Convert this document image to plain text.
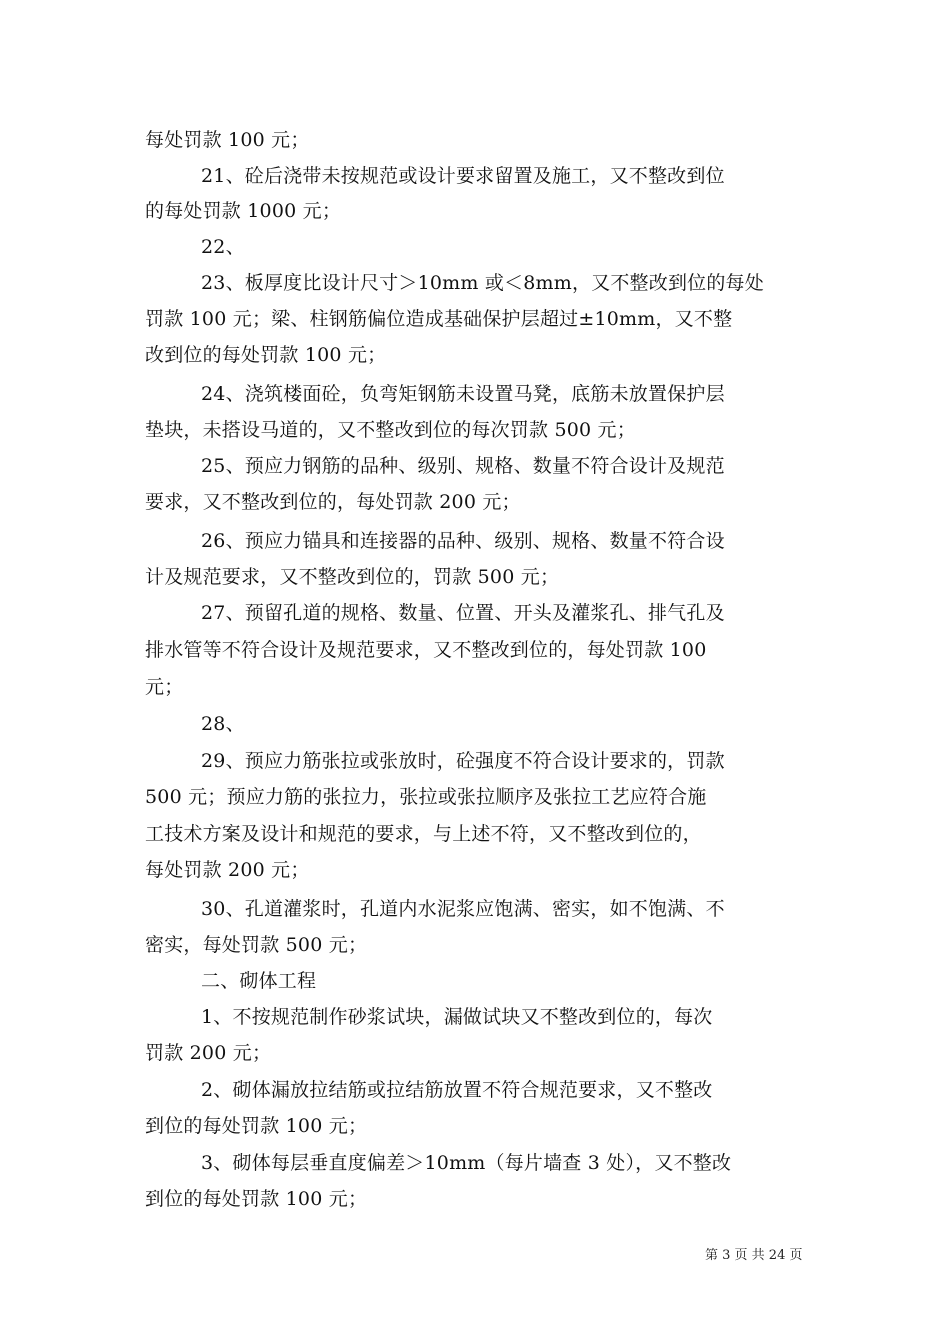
每处罚款 100 元；
21、砼后浇带未按规范或设计要求留置及施工，又不整改到位
的每处罚款 1000 元；
22、
23、板厚度比设计尺寸＞10mm 或＜8mm，又不整改到位的每处
罚款 100 元；梁、柱钢筋偏位造成基础保护层超过±10mm，又不整
改到位的每处罚款 100 元；
24、浇筑楼面砼，负弯矩钢筋未设置马凳，底筋未放置保护层
垫块，未搭设马道的，又不整改到位的每次罚款 500 元；
25、预应力钢筋的品种、级别、规格、数量不符合设计及规范
要求，又不整改到位的，每处罚款 200 元；
26、预应力锚具和连接器的品种、级别、规格、数量不符合设
计及规范要求，又不整改到位的，罚款 500 元；
27、预留孔道的规格、数量、位置、开头及灌浆孔、排气孔及
排水管等不符合设计及规范要求，又不整改到位的，每处罚款 100
元；
28、
29、预应力筋张拉或张放时，砼强度不符合设计要求的，罚款
500 元；预应力筋的张拉力，张拉或张拉顺序及张拉工艺应符合施
工技术方案及设计和规范的要求，与上述不符，又不整改到位的，
每处罚款 200 元；
30、孔道灌浆时，孔道内水泥浆应饱满、密实，如不饱满、不
密实，每处罚款 500 元；
二、砌体工程
1、不按规范制作砂浆试块，漏做试块又不整改到位的，每次
罚款 200 元；
2、砌体漏放拉结筋或拉结筋放置不符合规范要求，又不整改
到位的每处罚款 100 元；
3、砌体每层垂直度偏差＞10mm（每片墙查 3 处），又不整改
到位的每处罚款 100 元；
第 3 页 共 24 页
